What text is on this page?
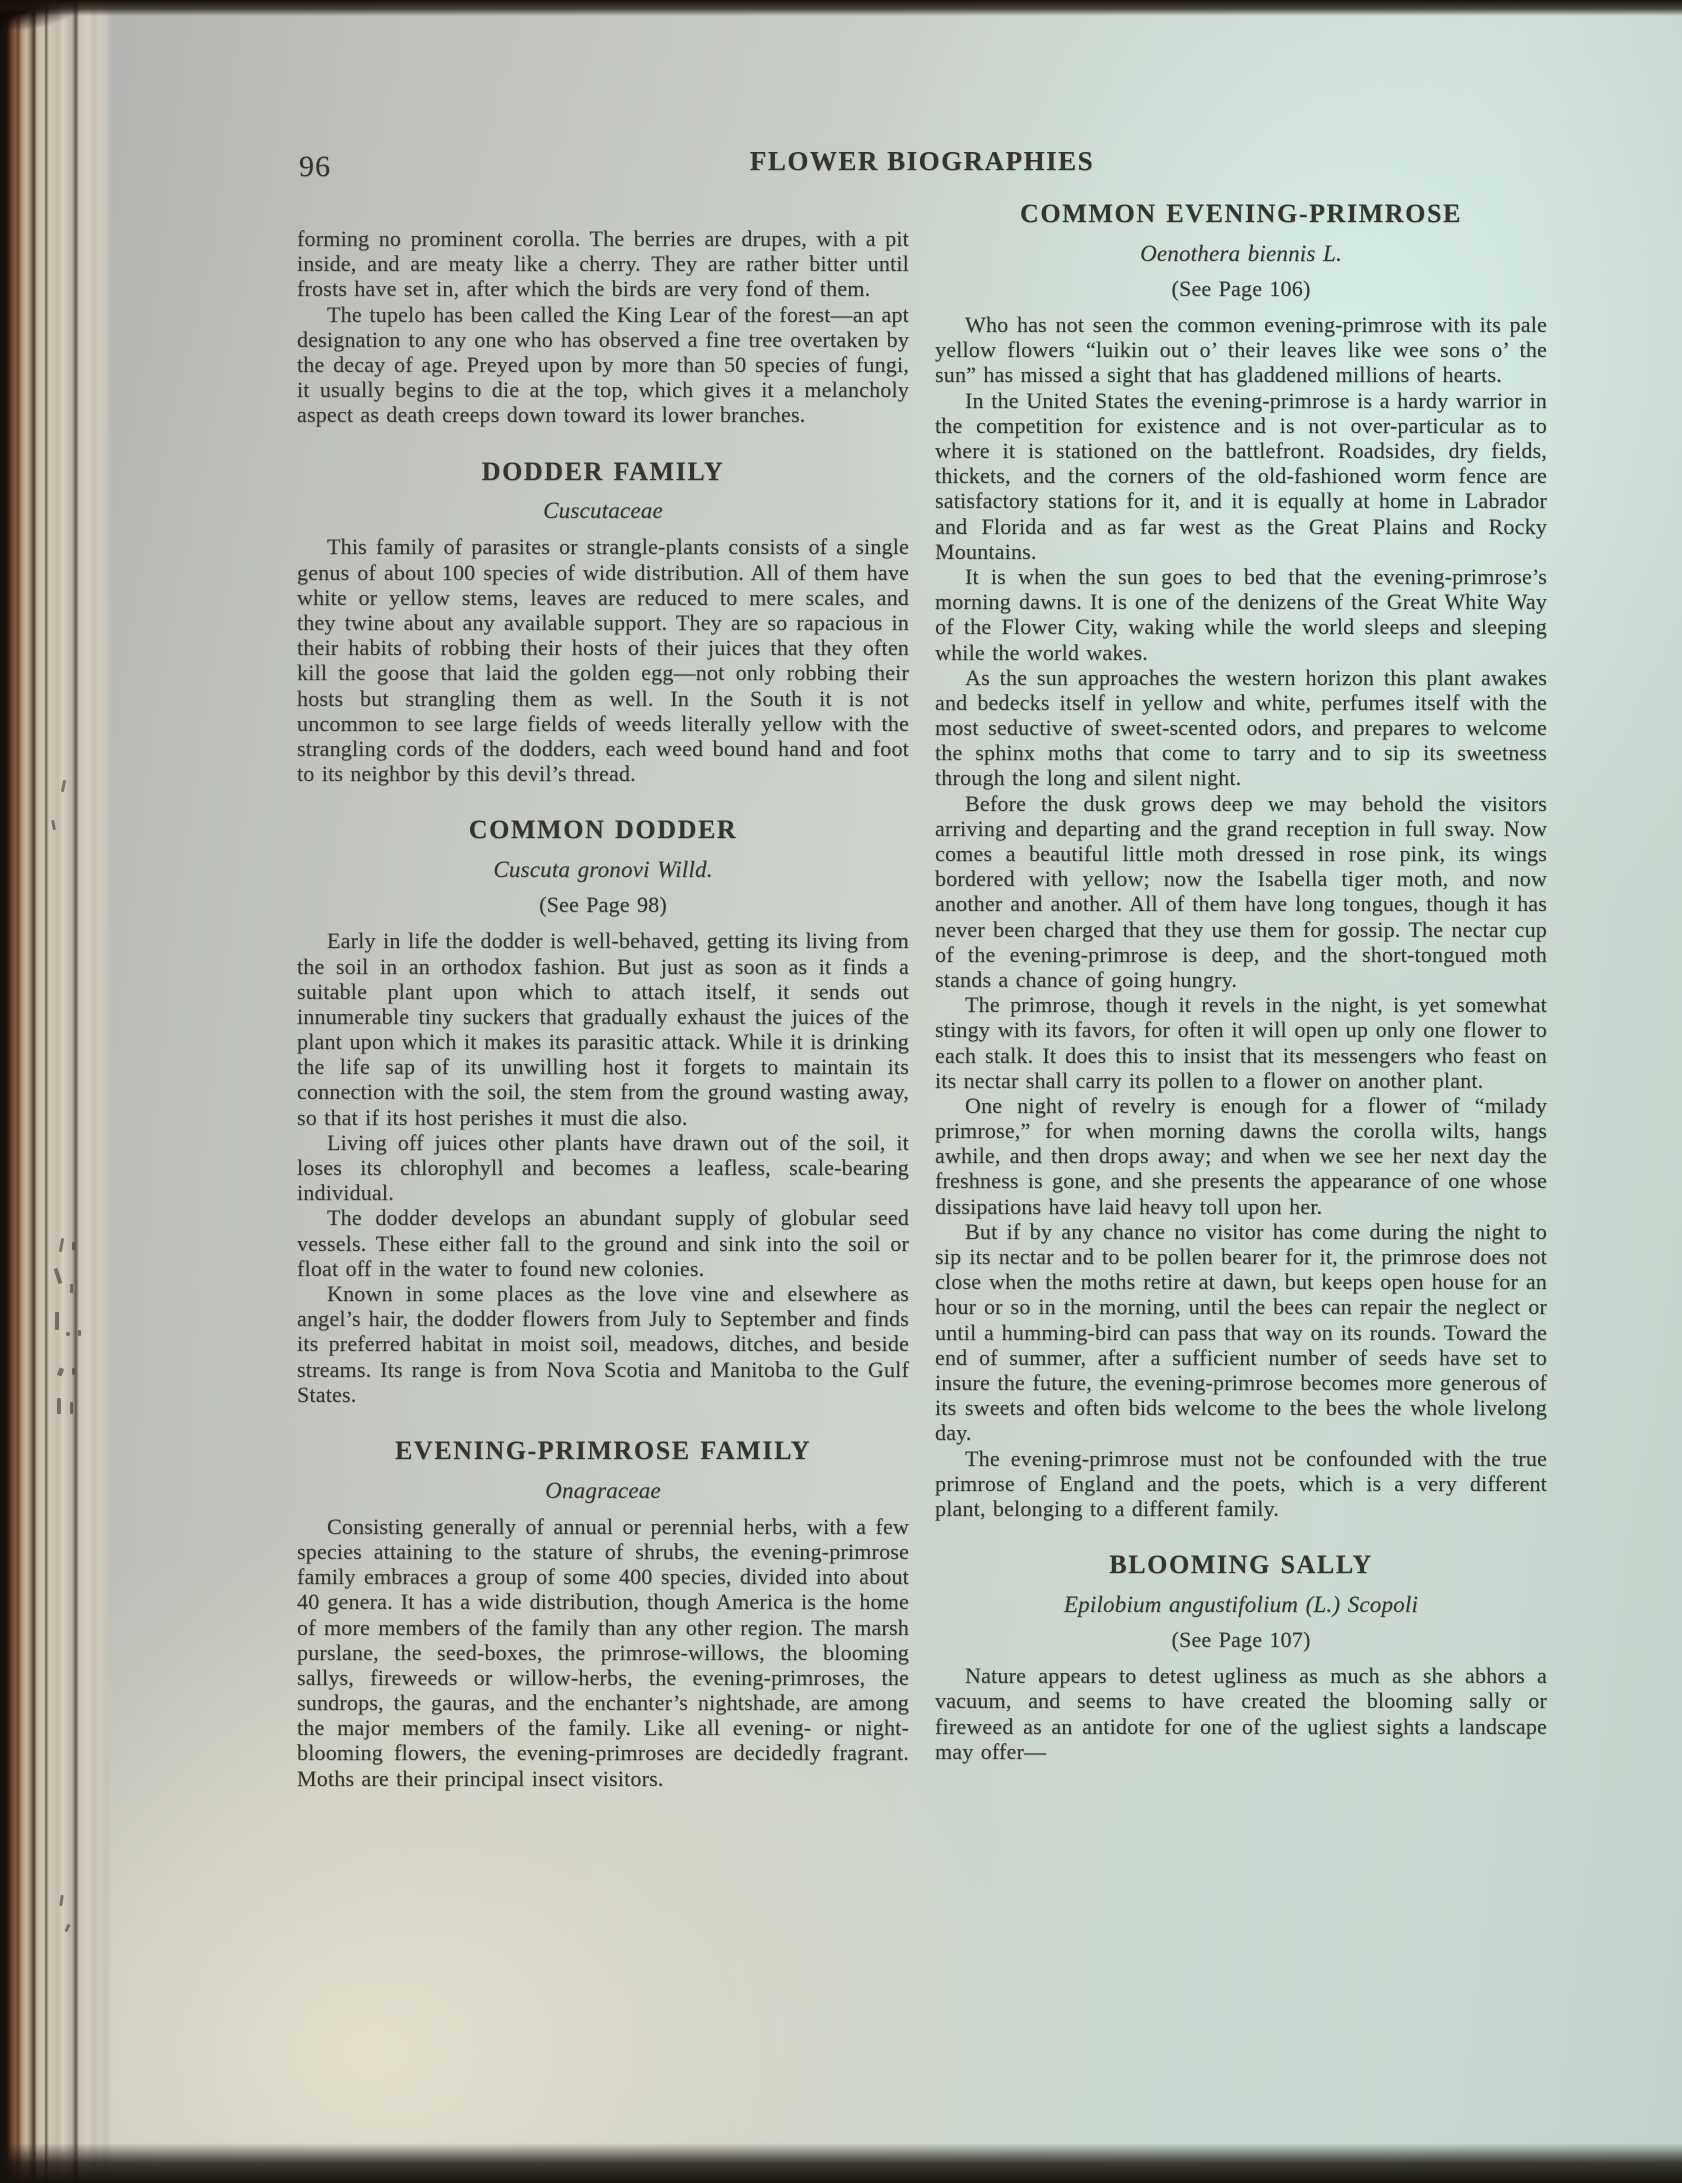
96	FLOWER BIOGRAPHIES

forming no prominent corolla. The berries are drupes, with a pit inside, and are meaty like a cherry. They are rather bitter until frosts have set in, after which the birds are very fond of them.

The tupelo has been called the King Lear of the forest—an apt designation to any one who has observed a fine tree overtaken by the decay of age. Preyed upon by more than 50 species of fungi, it usually begins to die at the top, which gives it a melancholy aspect as death creeps down toward its lower branches.

DODDER FAMILY

Cuscutaceae

This family of parasites or strangle-plants consists of a single genus of about 100 species of wide distribution. All of them have white or yellow stems, leaves are reduced to mere scales, and they twine about any available support. They are so rapacious in their habits of robbing their hosts of their juices that they often kill the goose that laid the golden egg—not only robbing their hosts but strangling them as well. In the South it is not uncommon to see large fields of weeds literally yellow with the strangling cords of the dodders, each weed bound hand and foot to its neighbor by this devil’s thread.

COMMON DODDER

Cuscuta gronovi Willd.

(See Page 98)

Early in life the dodder is well-behaved, getting its living from the soil in an orthodox fashion. But just as soon as it finds a suitable plant upon which to attach itself, it sends out innumerable tiny suckers that gradually exhaust the juices of the plant upon which it makes its parasitic attack. While it is drinking the life sap of its unwilling host it forgets to maintain its connection with the soil, the stem from the ground wasting away, so that if its host perishes it must die also.

Living off juices other plants have drawn out of the soil, it loses its chlorophyll and becomes a leafless, scale-bearing individual.

The dodder develops an abundant supply of globular seed vessels. These either fall to the ground and sink into the soil or float off in the water to found new colonies.

Known in some places as the love vine and elsewhere as angel’s hair, the dodder flowers from July to September and finds its preferred habitat in moist soil, meadows, ditches, and beside streams. Its range is from Nova Scotia and Manitoba to the Gulf States.

EVENING-PRIMROSE FAMILY

Onagraceae

Consisting generally of annual or perennial herbs, with a few species attaining to the stature of shrubs, the evening-primrose family embraces a group of some 400 species, divided into about 40 genera. It has a wide distribution, though America is the home of more members of the family than any other region. The marsh purslane, the seed-boxes, the primrose-willows, the blooming sallys, fireweeds or willow-herbs, the evening-primroses, the sundrops, the gauras, and the enchanter’s nightshade, are among the major members of the family. Like all evening- or night-blooming flowers, the evening-primroses are decidedly fragrant. Moths are their principal insect visitors.

COMMON EVENING-PRIMROSE

Oenothera biennis L.

(See Page 106)

Who has not seen the common evening-primrose with its pale yellow flowers “luikin out o’ their leaves like wee sons o’ the sun” has missed a sight that has gladdened millions of hearts.

In the United States the evening-primrose is a hardy warrior in the competition for existence and is not over-particular as to where it is stationed on the battlefront. Roadsides, dry fields, thickets, and the corners of the old-fashioned worm fence are satisfactory stations for it, and it is equally at home in Labrador and Florida and as far west as the Great Plains and Rocky Mountains.

It is when the sun goes to bed that the evening-primrose’s morning dawns. It is one of the denizens of the Great White Way of the Flower City, waking while the world sleeps and sleeping while the world wakes.

As the sun approaches the western horizon this plant awakes and bedecks itself in yellow and white, perfumes itself with the most seductive of sweet-scented odors, and prepares to welcome the sphinx moths that come to tarry and to sip its sweetness through the long and silent night.

Before the dusk grows deep we may behold the visitors arriving and departing and the grand reception in full sway. Now comes a beautiful little moth dressed in rose pink, its wings bordered with yellow; now the Isabella tiger moth, and now another and another. All of them have long tongues, though it has never been charged that they use them for gossip. The nectar cup of the evening-primrose is deep, and the short-tongued moth stands a chance of going hungry.

The primrose, though it revels in the night, is yet somewhat stingy with its favors, for often it will open up only one flower to each stalk. It does this to insist that its messengers who feast on its nectar shall carry its pollen to a flower on another plant.

One night of revelry is enough for a flower of “milady primrose,” for when morning dawns the corolla wilts, hangs awhile, and then drops away; and when we see her next day the freshness is gone, and she presents the appearance of one whose dissipations have laid heavy toll upon her.

But if by any chance no visitor has come during the night to sip its nectar and to be pollen bearer for it, the primrose does not close when the moths retire at dawn, but keeps open house for an hour or so in the morning, until the bees can repair the neglect or until a humming-bird can pass that way on its rounds. Toward the end of summer, after a sufficient number of seeds have set to insure the future, the evening-primrose becomes more generous of its sweets and often bids welcome to the bees the whole livelong day.

The evening-primrose must not be confounded with the true primrose of England and the poets, which is a very different plant, belonging to a different family.

BLOOMING SALLY

Epilobium angustifolium (L.) Scopoli

(See Page 107)

Nature appears to detest ugliness as much as she abhors a vacuum, and seems to have created the blooming sally or fireweed as an antidote for one of the ugliest sights a landscape may offer—
